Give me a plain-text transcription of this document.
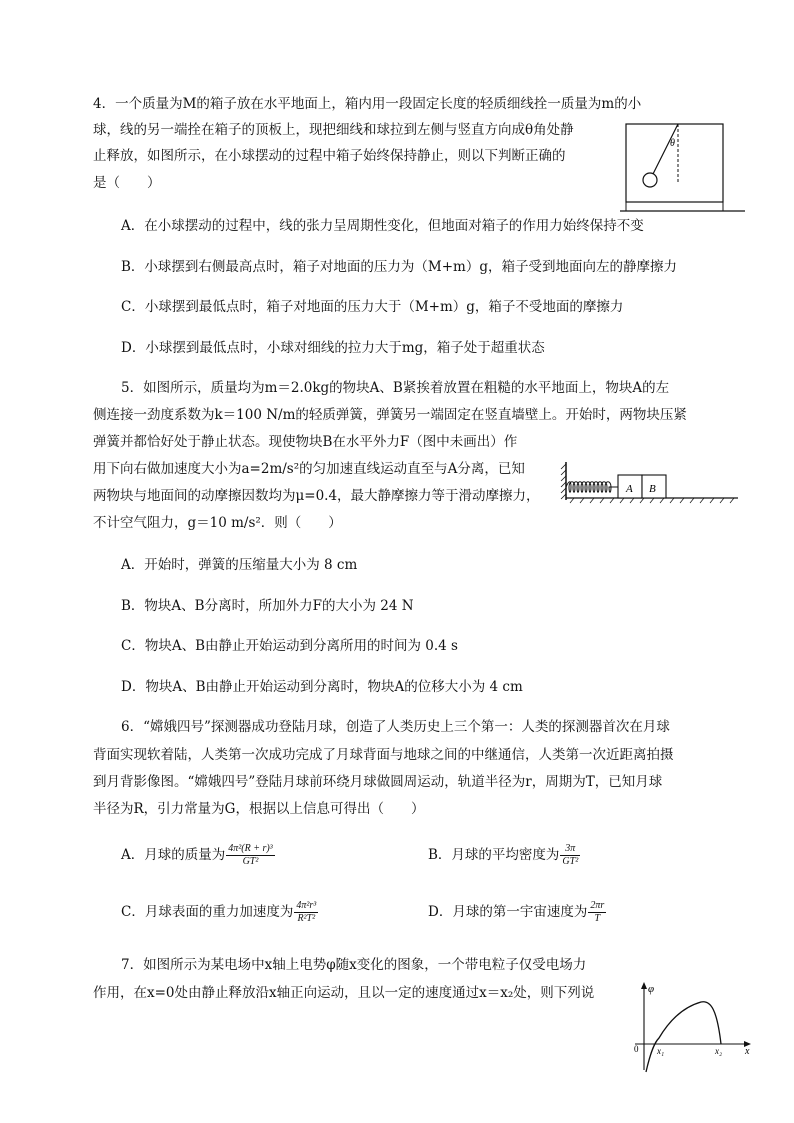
4．一个质量为M的箱子放在水平地面上，箱内用一段固定长度的轻质细线拴一质量为m的小
球，线的另一端拴在箱子的顶板上，现把细线和球拉到左侧与竖直方向成θ角处静
止释放，如图所示，在小球摆动的过程中箱子始终保持静止，则以下判断正确的
是（　　）
θ
A．在小球摆动的过程中，线的张力呈周期性变化，但地面对箱子的作用力始终保持不变
B．小球摆到右侧最高点时，箱子对地面的压力为（M+m）g，箱子受到地面向左的静摩擦力
C．小球摆到最低点时，箱子对地面的压力大于（M+m）g，箱子不受地面的摩擦力
D．小球摆到最低点时，小球对细线的拉力大于mg，箱子处于超重状态
5．如图所示，质量均为m＝2.0kg的物块A、B紧挨着放置在粗糙的水平地面上，物块A的左
侧连接一劲度系数为k＝100 N/m的轻质弹簧，弹簧另一端固定在竖直墙壁上。开始时，两物块压紧
弹簧并都恰好处于静止状态。现使物块B在水平外力F（图中未画出）作
用下向右做加速度大小为a=2m/s²的匀加速直线运动直至与A分离，已知
两物块与地面间的动摩擦因数均为μ=0.4，最大静摩擦力等于滑动摩擦力，
不计空气阻力，g＝10 m/s²．则（　　）
A B
A．开始时，弹簧的压缩量大小为 8 cm
B．物块A、B分离时，所加外力F的大小为 24 N
C．物块A、B由静止开始运动到分离所用的时间为 0.4 s
D．物块A、B由静止开始运动到分离时，物块A的位移大小为 4 cm
6．“嫦娥四号”探测器成功登陆月球，创造了人类历史上三个第一：人类的探测器首次在月球
背面实现软着陆，人类第一次成功完成了月球背面与地球之间的中继通信，人类第一次近距离拍摄
到月背影像图。“嫦娥四号”登陆月球前环绕月球做圆周运动，轨道半径为r，周期为T，已知月球
半径为R，引力常量为G，根据以上信息可得出（　　）
A．月球的质量为 $\frac{\text{4π²(R + r)³}}{\text{GT²}}$	B．月球的平均密度为 $\frac{3\pi}{\text{GT²}}$
C．月球表面的重力加速度为 $\frac{\text{4π²r³}}{\text{R²T²}}$	D．月球的第一宇宙速度为 $\frac{2\pi r}{T}$
7．如图所示为某电场中x轴上电势φ随x变化的图象，一个带电粒子仅受电场力
作用，在x=0处由静止释放沿x轴正向运动，且以一定的速度通过x＝x₂处，则下列说	φ
x
0 x₁	x₂
